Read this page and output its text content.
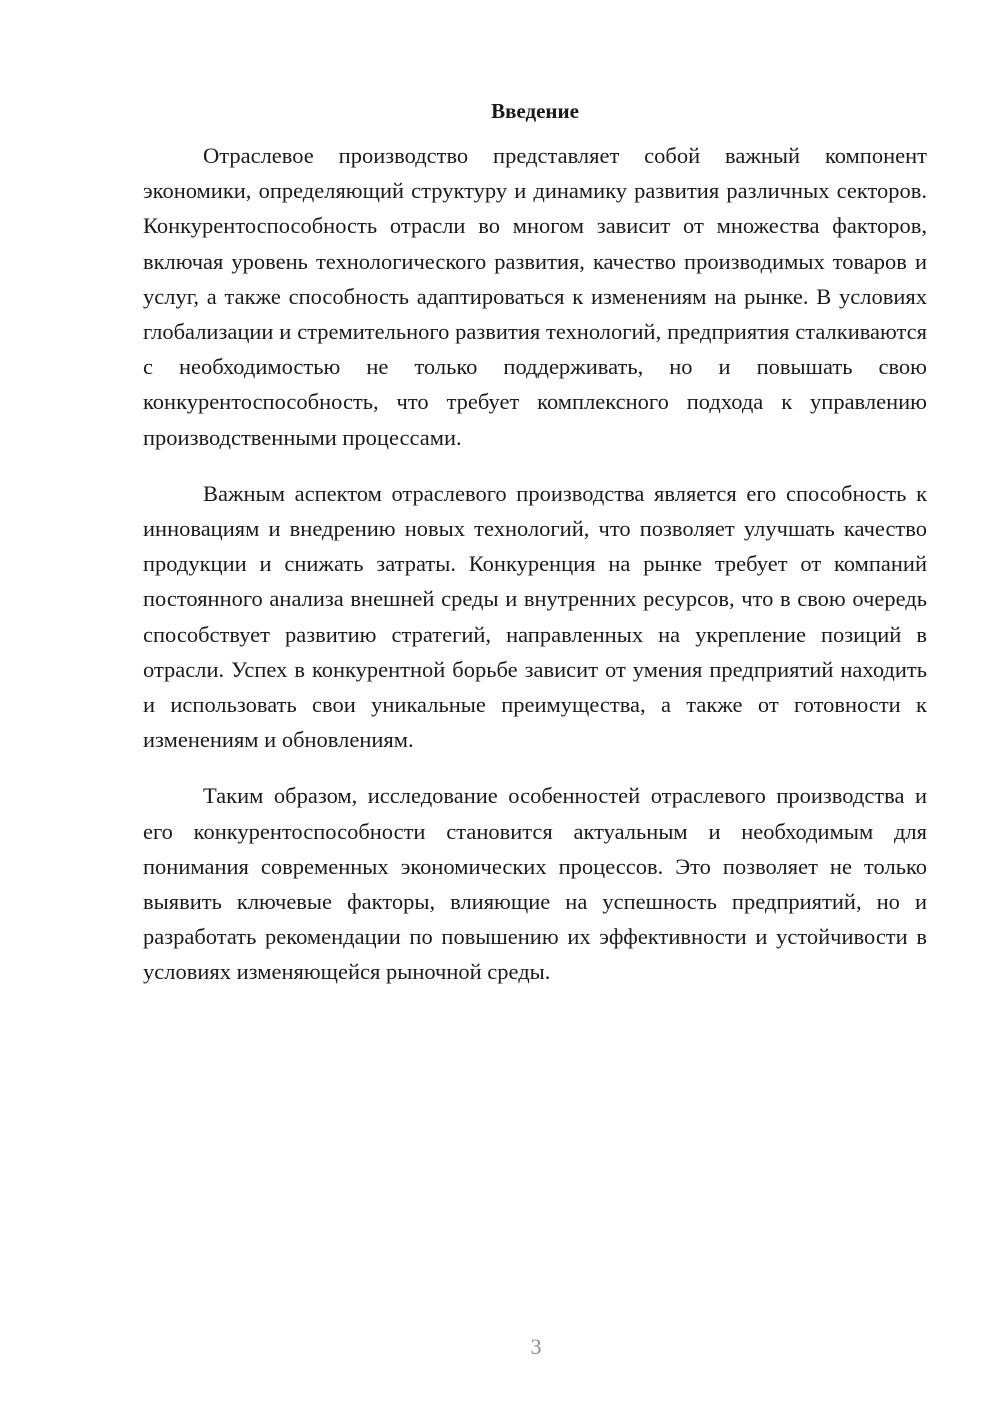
Введение

Отраслевое производство представляет собой важный компонент экономики, определяющий структуру и динамику развития различных секторов. Конкурентоспособность отрасли во многом зависит от множества факторов, включая уровень технологического развития, качество производимых товаров и услуг, а также способность адаптироваться к изменениям на рынке. В условиях глобализации и стремительного развития технологий, предприятия сталкиваются с необходимостью не только поддерживать, но и повышать свою конкурентоспособность, что требует комплексного подхода к управлению производственными процессами.

Важным аспектом отраслевого производства является его способность к инновациям и внедрению новых технологий, что позволяет улучшать качество продукции и снижать затраты. Конкуренция на рынке требует от компаний постоянного анализа внешней среды и внутренних ресурсов, что в свою очередь способствует развитию стратегий, направленных на укрепление позиций в отрасли. Успех в конкурентной борьбе зависит от умения предприятий находить и использовать свои уникальные преимущества, а также от готовности к изменениям и обновлениям.

Таким образом, исследование особенностей отраслевого производства и его конкурентоспособности становится актуальным и необходимым для понимания современных экономических процессов. Это позволяет не только выявить ключевые факторы, влияющие на успешность предприятий, но и разработать рекомендации по повышению их эффективности и устойчивости в условиях изменяющейся рыночной среды.

3
